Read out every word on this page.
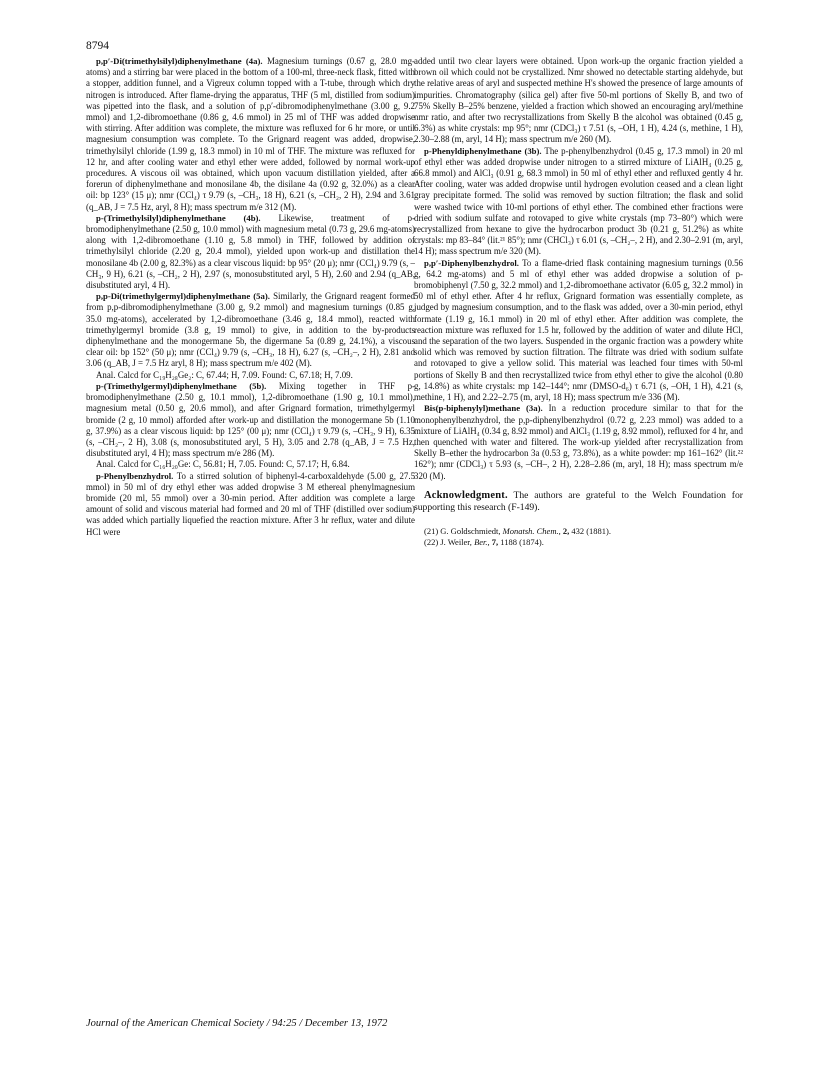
8794

p,p′-Di(trimethylsilyl)diphenylmethane (4a). Magnesium turnings (0.67 g, 28.0 mg-atoms) and a stirring bar were placed in the bottom of a 100-ml, three-neck flask, fitted with a stopper, addition funnel, and a Vigreux column topped with a T-tube, through which dry nitrogen is introduced. After flame-drying the apparatus, THF (5 ml, distilled from sodium) was pipetted into the flask, and a solution of p,p′-dibromodiphenylmethane (3.00 g, 9.2 mmol) and 1,2-dibromoethane (0.86 g, 4.6 mmol) in 25 ml of THF was added dropwise with stirring. After addition was complete, the mixture was refluxed for 6 hr more, or until magnesium consumption was complete. To the Grignard reagent was added, dropwise, trimethylsilyl chloride (1.99 g, 18.3 mmol) in 10 ml of THF. The mixture was refluxed for 12 hr, and after cooling water and ethyl ether were added, followed by normal work-up procedures. A viscous oil was obtained, which upon vacuum distillation yielded, after a forerun of diphenylmethane and monosilane 4b, the disilane 4a (0.92 g, 32.0%) as a clear oil: bp 123° (15 μ); nmr (CCl₄) τ 9.79 (s, –CH₃, 18 H), 6.21 (s, –CH₂, 2 H), 2.94 and 3.61 (q_AB, J = 7.5 Hz, aryl, 8 H); mass spectrum m/e 312 (M).

p-(Trimethylsilyl)diphenylmethane (4b). Likewise, treatment of p-bromodiphenylmethane (2.50 g, 10.0 mmol) with magnesium metal (0.73 g, 29.6 mg-atoms) along with 1,2-dibromoethane (1.10 g, 5.8 mmol) in THF, followed by addition of trimethylsilyl chloride (2.20 g, 20.4 mmol), yielded upon work-up and distillation the monosilane 4b (2.00 g, 82.3%) as a clear viscous liquid: bp 95° (20 μ); nmr (CCl₄) 9.79 (s, –CH₃, 9 H), 6.21 (s, –CH₂, 2 H), 2.97 (s, monosubstituted aryl, 5 H), 2.60 and 2.94 (q_AB, disubstituted aryl, 4 H).

p,p-Di(trimethylgermyl)diphenylmethane (5a). Similarly, the Grignard reagent formed from p,p-dibromodiphenylmethane (3.00 g, 9.2 mmol) and magnesium turnings (0.85 g, 35.0 mg-atoms), accelerated by 1,2-dibromoethane (3.46 g, 18.4 mmol), reacted with trimethylgermyl bromide (3.8 g, 19 mmol) to give, in addition to the by-products diphenylmethane and the monogermane 5b, the digermane 5a (0.89 g, 24.1%), a viscous clear oil: bp 152° (50 μ); nmr (CCl₄) 9.79 (s, –CH₃, 18 H), 6.27 (s, –CH₂–, 2 H), 2.81 and 3.06 (q_AB, J = 7.5 Hz aryl, 8 H); mass spectrum m/e 402 (M).

Anal. Calcd for C₁₉H₂₈Ge₂: C, 67.44; H, 7.09. Found: C, 67.18; H, 7.09.

p-(Trimethylgermyl)diphenylmethane (5b). Mixing together in THF p-bromodiphenylmethane (2.50 g, 10.1 mmol), 1,2-dibromoethane (1.90 g, 10.1 mmol), magnesium metal (0.50 g, 20.6 mmol), and after Grignard formation, trimethylgermyl bromide (2 g, 10 mmol) afforded after work-up and distillation the monogermane 5b (1.10 g, 37.9%) as a clear viscous liquid: bp 125° (00 μ); nmr (CCl₄) τ 9.79 (s, –CH₃, 9 H), 6.35 (s, –CH₂–, 2 H), 3.08 (s, monosubstituted aryl, 5 H), 3.05 and 2.78 (q_AB, J = 7.5 Hz, disubstituted aryl, 4 H); mass spectrum m/e 286 (M).

Anal. Calcd for C₁₆H₂₀Ge: C, 56.81; H, 7.05. Found: C, 57.17; H, 6.84.

p-Phenylbenzhydrol. To a stirred solution of biphenyl-4-carboxaldehyde (5.00 g, 27.5 mmol) in 50 ml of dry ethyl ether was added dropwise 3 M ethereal phenylmagnesium bromide (20 ml, 55 mmol) over a 30-min period. After addition was complete a large amount of solid and viscous material had formed and 20 ml of THF (distilled over sodium) was added which partially liquefied the reaction mixture. After 3 hr reflux, water and dilute HCl were

added until two clear layers were obtained. Upon work-up the organic fraction yielded a brown oil which could not be crystallized. Nmr showed no detectable starting aldehyde, but the relative areas of aryl and suspected methine H's showed the presence of large amounts of impurities. Chromatography (silica gel) after five 50-ml portions of Skelly B, and two of 75% Skelly B–25% benzene, yielded a fraction which showed an encouraging aryl/methine nmr ratio, and after two recrystallizations from Skelly B the alcohol was obtained (0.45 g, 6.3%) as white crystals: mp 95°; nmr (CDCl₃) τ 7.51 (s, –OH, 1 H), 4.24 (s, methine, 1 H), 2.30–2.88 (m, aryl, 14 H); mass spectrum m/e 260 (M).

p-Phenyldiphenylmethane (3b). The p-phenylbenzhydrol (0.45 g, 17.3 mmol) in 20 ml of ethyl ether was added dropwise under nitrogen to a stirred mixture of LiAlH₄ (0.25 g, 66.8 mmol) and AlCl₃ (0.91 g, 68.3 mmol) in 50 ml of ethyl ether and refluxed gently 4 hr. After cooling, water was added dropwise until hydrogen evolution ceased and a clean light gray precipitate formed. The solid was removed by suction filtration; the flask and solid were washed twice with 10-ml portions of ethyl ether. The combined ether fractions were dried with sodium sulfate and rotovaped to give white crystals (mp 73–80°) which were recrystallized from hexane to give the hydrocarbon product 3b (0.21 g, 51.2%) as white crystals: mp 83–84° (lit.²¹ 85°); nmr (CHCl₃) τ 6.01 (s, –CH₂–, 2 H), and 2.30–2.91 (m, aryl, 14 H); mass spectrum m/e 320 (M).

p,p′-Diphenylbenzhydrol. To a flame-dried flask containing magnesium turnings (0.56 g, 64.2 mg-atoms) and 5 ml of ethyl ether was added dropwise a solution of p-bromobiphenyl (7.50 g, 32.2 mmol) and 1,2-dibromoethane activator (6.05 g, 32.2 mmol) in 50 ml of ethyl ether. After 4 hr reflux, Grignard formation was essentially complete, as judged by magnesium consumption, and to the flask was added, over a 30-min period, ethyl formate (1.19 g, 16.1 mmol) in 20 ml of ethyl ether. After addition was complete, the reaction mixture was refluxed for 1.5 hr, followed by the addition of water and dilute HCl, and the separation of the two layers. Suspended in the organic fraction was a powdery white solid which was removed by suction filtration. The filtrate was dried with sodium sulfate and rotovaped to give a yellow solid. This material was leached four times with 50-ml portions of Skelly B and then recrystallized twice from ethyl ether to give the alcohol (0.80 g, 14.8%) as white crystals: mp 142–144°; nmr (DMSO-d₆) τ 6.71 (s, –OH, 1 H), 4.21 (s, methine, 1 H), and 2.22–2.75 (m, aryl, 18 H); mass spectrum m/e 336 (M).

Bis(p-biphenylyl)methane (3a). In a reduction procedure similar to that for the monophenylbenzhydrol, the p,p-diphenylbenzhydrol (0.72 g, 2.23 mmol) was added to a mixture of LiAlH₄ (0.34 g, 8.92 mmol) and AlCl₃ (1.19 g, 8.92 mmol), refluxed for 4 hr, and then quenched with water and filtered. The work-up yielded after recrystallization from Skelly B–ether the hydrocarbon 3a (0.53 g, 73.8%), as a white powder: mp 161–162° (lit.²² 162°); nmr (CDCl₃) τ 5.93 (s, –CH–, 2 H), 2.28–2.86 (m, aryl, 18 H); mass spectrum m/e 320 (M).

Acknowledgment. The authors are grateful to the Welch Foundation for supporting this research (F-149).

(21) G. Goldschmiedt, Monatsh. Chem., 2, 432 (1881).
(22) J. Weiler, Ber., 7, 1188 (1874).
Journal of the American Chemical Society / 94:25 / December 13, 1972
